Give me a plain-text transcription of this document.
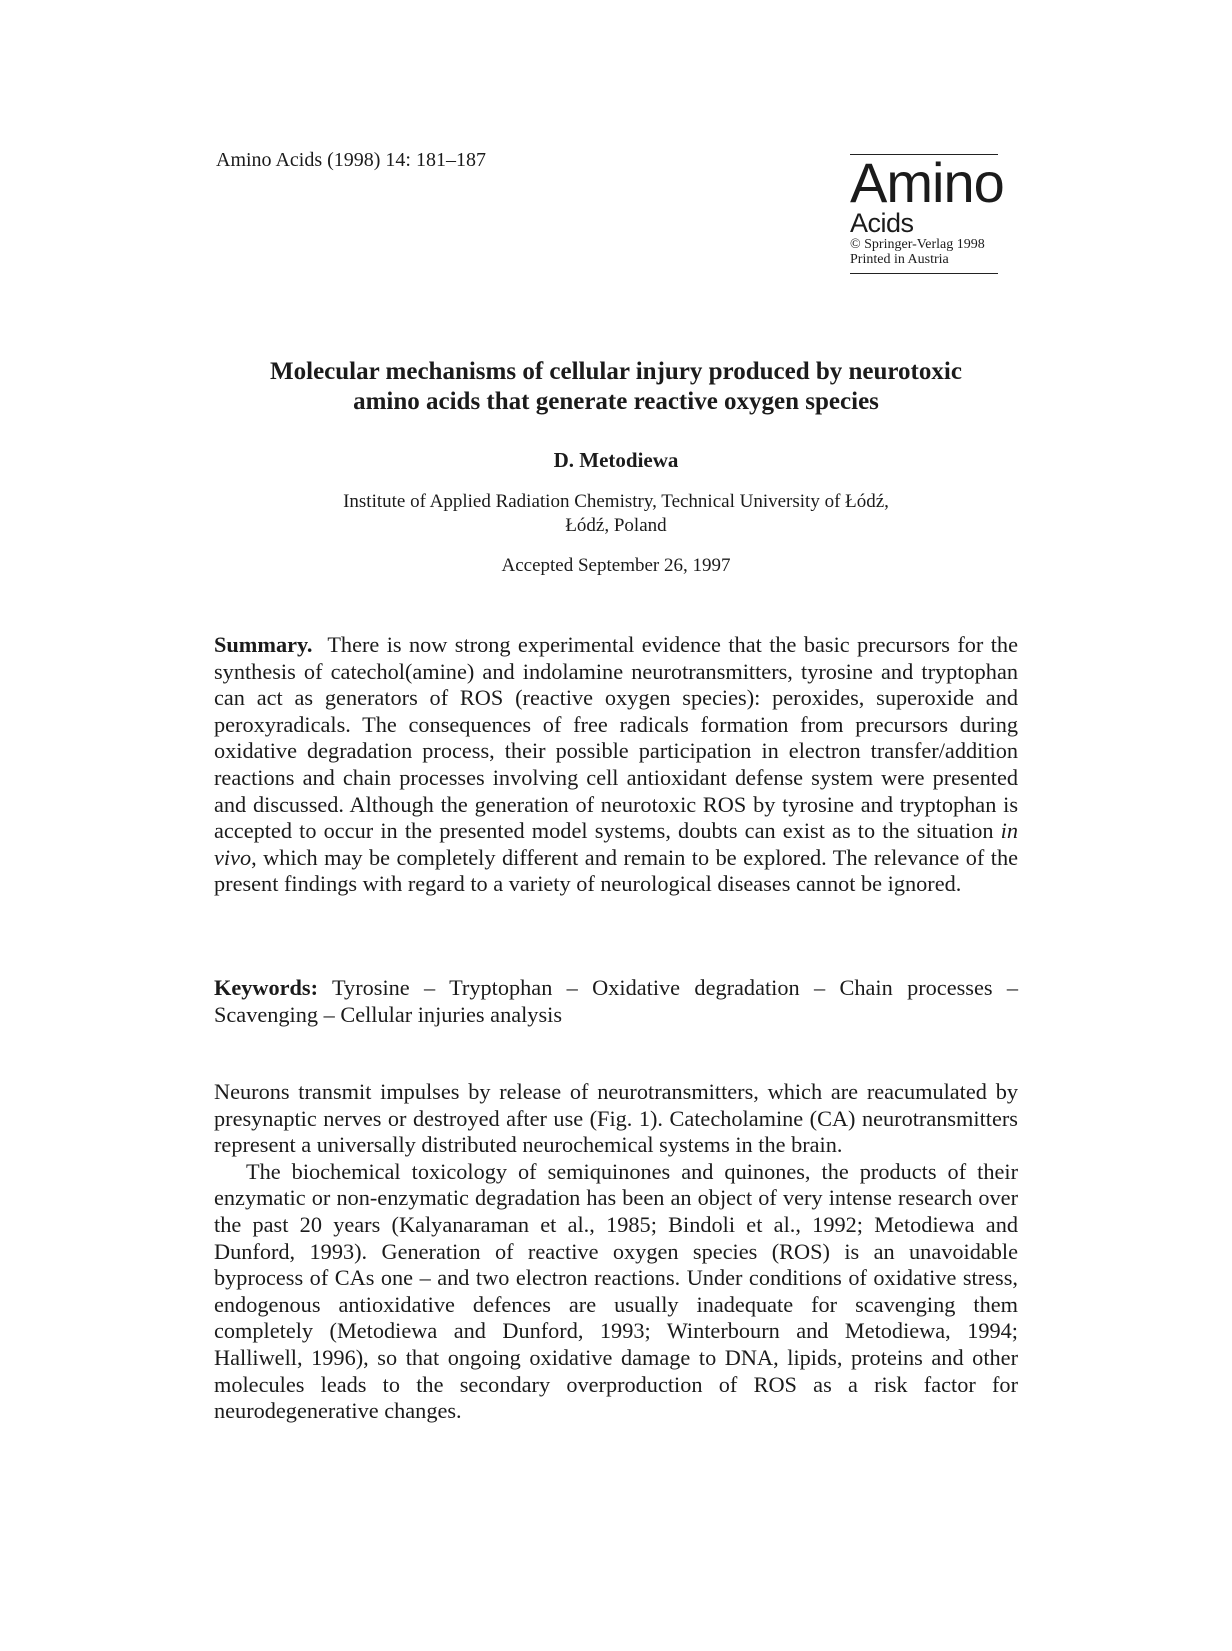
Amino Acids (1998) 14: 181–187	Amino
Acids
© Springer-Verlag 1998
Printed in Austria
Molecular mechanisms of cellular injury produced by neurotoxic
amino acids that generate reactive oxygen species
D. Metodiewa
Institute of Applied Radiation Chemistry, Technical University of Łódź,
Łódź, Poland
Accepted September 26, 1997
Summary. There is now strong experimental evidence that the basic precursors for the synthesis of catechol(amine) and indolamine neurotransmitters, tyrosine and tryptophan can act as generators of ROS (reactive oxygen species): peroxides, superoxide and peroxyradicals. The consequences of free radicals formation from precursors during oxidative degradation process, their possible participation in electron transfer/addition reactions and chain processes involving cell antioxidant defense system were presented and discussed. Although the generation of neurotoxic ROS by tyrosine and tryptophan is accepted to occur in the presented model systems, doubts can exist as to the situation in vivo, which may be completely different and remain to be explored. The relevance of the present findings with regard to a variety of neurological diseases cannot be ignored.
Keywords: Tyrosine – Tryptophan – Oxidative degradation – Chain processes – Scavenging – Cellular injuries analysis

Neurons transmit impulses by release of neurotransmitters, which are reacumulated by presynaptic nerves or destroyed after use (Fig. 1). Catecholamine (CA) neurotransmitters represent a universally distributed neurochemical systems in the brain.

The biochemical toxicology of semiquinones and quinones, the products of their enzymatic or non-enzymatic degradation has been an object of very intense research over the past 20 years (Kalyanaraman et al., 1985; Bindoli et al., 1992; Metodiewa and Dunford, 1993). Generation of reactive oxygen species (ROS) is an unavoidable byprocess of CAs one – and two electron reactions. Under conditions of oxidative stress, endogenous antioxidative defences are usually inadequate for scavenging them completely (Metodiewa and Dunford, 1993; Winterbourn and Metodiewa, 1994; Halliwell, 1996), so that ongoing oxidative damage to DNA, lipids, proteins and other molecules leads to the secondary overproduction of ROS as a risk factor for neurodegenerative changes.
